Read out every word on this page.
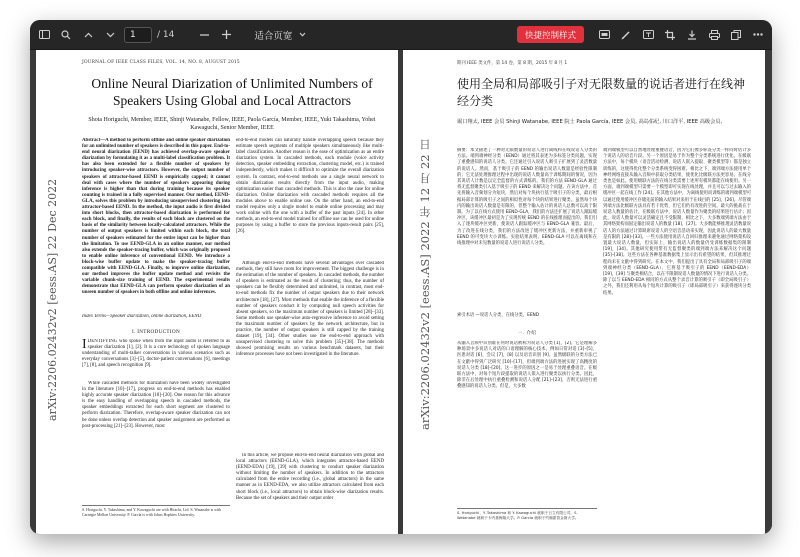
1	/ 14	适合页宽	快捷控制样式
JOURNAL OF IEEE CLASS FILES, VOL. 14, NO. 8, AUGUST 2015
arXiv:2206.02432v2 [eess.AS] 22 Dec 2022
Online Neural Diarization of Unlimited Numbers of Speakers Using Global and Local Attractors
Shota Horiguchi, Member, IEEE, Shinji Watanabe, Fellow, IEEE, Paola García, Member, IEEE, Yuki Takashima, Yohei Kawaguchi, Senior Member, IEEE
Abstract—A method to perform offline and online speaker diarization for an unlimited number of speakers is described in this paper. End-to-end neural diarization (EEND) has achieved overlap-aware speaker diarization by formulating it as a multi-label classification problem. It has also been extended for a flexible number of speakers by introducing speaker-wise attractors. However, the output number of speakers of attractor-based EEND is empirically capped; it cannot deal with cases where the number of speakers appearing during inference is higher than that during training because its speaker counting is trained in a fully supervised manner. Our method, EEND-GLA, solves this problem by introducing unsupervised clustering into attractor-based EEND. In the method, the input audio is first divided into short blocks, then attractor-based diarization is performed for each block, and finally, the results of each block are clustered on the basis of the similarity between locally-calculated attractors. While the number of output speakers is limited within each block, the total number of speakers estimated for the entire input can be higher than the limitation. To use EEND-GLA in an online manner, our method also extends the speaker-tracing buffer, which was originally proposed to enable online inference of conventional EEND. We introduce a block-wise buffer update to make the speaker-tracing buffer compatible with EEND-GLA. Finally, to improve online diarization, our method improves the buffer update method and revisits the variable chunk-size training of EEND. The experimental results demonstrate that EEND-GLA can perform speaker diarization of an unseen number of speakers in both offline and online inferences.
Index Terms—Speaker diarization, online diarization, EEND
I. INTRODUCTION
IDENTIFYING who spoke when from the input audio is referred to as speaker diarization [1], [2]. It is a core technology of spoken language understanding of multi-talker conversations in various scenarios such as everyday conversations [3]–[5], doctor-patient conversations [6], meetings [7], [8], and speech recognition [9].
While cascaded methods for diarization have been widely investigated in the literature [10]–[17], progress on end-to-end methods has enabled highly accurate speaker diarization [18]–[20]. One reason for this advance is the easy handling of overlapping speech in cascaded methods, the speaker embeddings extracted for each short segment are clustered to perform diarization. Therefore, overlap-aware speaker diarization can not be done unless overlap detection and speaker assignment are performed as post-processing [21]–[23]. However, most
S. Horiguchi, Y. Takashima, and Y. Kawaguchi are with Hitachi, Ltd. S. Watanabe is with Carnegie Mellon University. P. García is with Johns Hopkins University.
end-to-end models can naturally handle overlapping speech because they estimate speech segments of multiple speakers simultaneously like multi-label classification. Another reason is the ease of optimization as an entire diarization system. In cascaded methods, each module (voice activity detection, speaker embedding extraction, clustering model, etc.) is trained independently, which makes it difficult to optimize the overall diarization system. In contrast, end-to-end methods use a single neural network to obtain diarization results directly from the input audio, making optimization easier than cascaded methods. This is also the case for online diarization. Online diarization with cascaded methods requires all the modules above to enable online use. On the other hand, an end-to-end model requires only a single model to enable online processing and may work online with the one with a buffer of the past inputs [24]. In other methods, an end-to-end model trained for offline use can be used for online purposes by using a buffer to store the previous inputs-result pairs [25], [26].
Although end-to-end methods have several advantages over cascaded methods, they still have room for improvement. The biggest challenge is in the estimation of the number of speakers. In cascaded methods, the number of speakers is estimated as the result of clustering; thus, the number of speakers can be flexibly determined and unlimited, in contrast, most end-to-end methods fix the number of output speakers due to their network architecture [18], [27]. Most methods that enable the inference of a flexible number of speakers conduct it by computing null speech activities for absent speakers, so the maximum number of speakers is limited [28]–[33]. Some methods use speaker-wise auto-regressive inference to avoid setting the maximum number of speakers by the network architecture, but in practice, the number of output speakers is still capped by the training dataset [19], [34]. Other studies use the end-to-end approach with unsupervised clustering to solve this problem [35]–[38]. The methods showed promising results on various benchmark datasets, but their inference processes have not been investigated in the literature.
In this article, we propose end-to-end neural diarization with global and local attractors (EEND-GLA), which integrates attractor-based EEND (EEND-EDA) [19], [39] with clustering to conduct speaker diarization without limiting the number of speakers. In addition to the attractors calculated from the entire recording (i.e., global attractors) in the same manner as in EEND-EDA, we also utilize attractors calculated from each short block (i.e., local attractors) to obtain block-wise diarization results. Because the set of speakers and their output order
期刊 IEEE 类文件，第 14 卷，第 8 期，2015 年 8 月 1
arXiv:2206.02432v2 [eess.AS] 2022 年 12 月 22 日
使用全局和局部吸引子对无限数量的说话者进行在线神经分类
堀口翔太, IEEE 会员 Shinji Watanabe, IEEE 院士 Paola García, IEEE 会员, 高岛佑纪, 川口洋平, IEEE 高级会员,
摘要：本文描述了一种对无限数量的说话人进行离线和在线说话人分类的方法。端到端神经分类（EEND）通过将其表述为多标签分类问题，实现了重叠感知的说话人分类。它还通过引入说话人吸引子扩展到了灵活数量的说话人。然而，基于吸引子的 EEND 的输出说话人数量是经验性限制的；它无法处理推理过程中出现的说话人数量高于训练期间的情况，因为其说话人计数是以完全监督的方式训练的。我们的方法 EEND-GLA 通过将无监督聚类引入基于吸引子的 EEND 来解决这个问题。在该方法中，首先将输入音频划分为短块，然后对每个块执行基于吸引子的分类，最后根据局部计算的吸引子之间的相似性对每个块的结果进行聚类。虽然每个块内的输出说话人数量是有限的，但整个输入估计的说话人总数可以高于限制。为了以在线方式使用 EEND-GLA，我们的方法还扩展了说话人跟踪缓冲区，该缓冲区最初是为了实现传统 EEND 的在线推理而提出的。我们引入了逐块缓冲区更新，使说话人跟踪缓冲区与 EEND-GLA 兼容。最后，为了改进在线分类，我们的方法改进了缓冲区更新方法，并重新审视了 EEND 的可变块大小训练。实验结果表明，EEND-GLA 可以在离线和在线推理中对未见数量的说话人进行说话人分类。
索引术语 —说话人分类，在线分类，EEND
一. 介绍
从输入音频中识别谁在何时说话被称为说话人分类 [1]，[2]。它是理解多种场景中多说话人对话的口语理解的核心技术，例如日常对话 [3]–[5]、医患对话 [6]、会议 [7]，[8] 以及语音识别 [9]。虽然级联的分类方法已在文献中得到广泛研究 [10]–[17]，但端到端方法的进展实现了高精度的说话人分类 [18]–[20]。这一进步的原因之一是易于处理重叠语音。在级联方法中，对每个短片段提取的说话人嵌入进行聚类以执行分类。因此，除非在后处理中执行重叠检测和说话人分配 [21]–[23]，否则无法进行重叠感知的说话人分类。但是，大多数
S. Horiguchi、Y. Takashima 和 Y. Kawaguchi 就职于日立有限公司。S. Watanabe 就职于卡内基梅隆大学。P. García 就职于约翰霍普金斯大学。
端到端模型可以自然地处理重叠语音，因为它们像多标签分类一样同时估计多个说话人的语音片段。另一个原因是易于作为整个分类系统进行优化。在级联方法中，每个模块（语音活动检测、说话人嵌入提取、聚类模型等）都是独立训练的，这使得优化整个分类系统变得困难。相比之下，端到端方法使用单个神经网络直接从输入音频中获取分类结果，使优化比级联方法更容易。在线分类也是如此。使用级联方法的在线分类需要上述所有模块都能在线使用。另一方面，端到端模型只需要一个模型即可实现在线处理，并且可以与过去输入的缓冲区一起在线工作 [24]。在其他方法中，为离线使用而训练的端到端模型可以通过使用缓冲区存储先前的输入结果对来用于在线目的 [25]，[26]。尽管端到端方法比级联方法具有若干优势，但它们仍有改进的空间。最大的挑战在于说话人数量的估计。在级联方法中，说话人数量作为聚类的结果进行估计；因此，说话人数量可以灵活确定且不受限制，相比之下，大多数端到端方法由于其网络架构而固定输出说话人的数量 [18]，[27]。大多数能够推理灵活数量说话人的方法通过计算缺席说话人的空语音活动来实现，因此说话人的最大数量是有限的 [28]–[33]。一些方法使用说话人自回归推理来避免通过网络架构设置最大说话人数量，但实际上，输出说话人的数量仍受训练数据集的限制 [19]，[34]。其他研究使用带有无监督聚类的端到端方法来解决这个问题 [35]–[38]。这些方法在各种基准数据集上显示出有希望的结果，但其推理过程尚未在文献中得到研究。在本文中，我们提出了具有全局和局部吸引子的端到端神经分类（EEND-GLA），它将基于吸引子的 EEND（EEND-EDA）[19]，[39] 与聚类相结合，以在不限制说话人数量的情况下进行说话人分类。除了以与 EEND-EDA 相同的方式从整个录音计算的吸引子（即全局吸引子）之外，我们还利用从每个短块计算的吸引子（即局部吸引子）来获得逐块分类结果。
